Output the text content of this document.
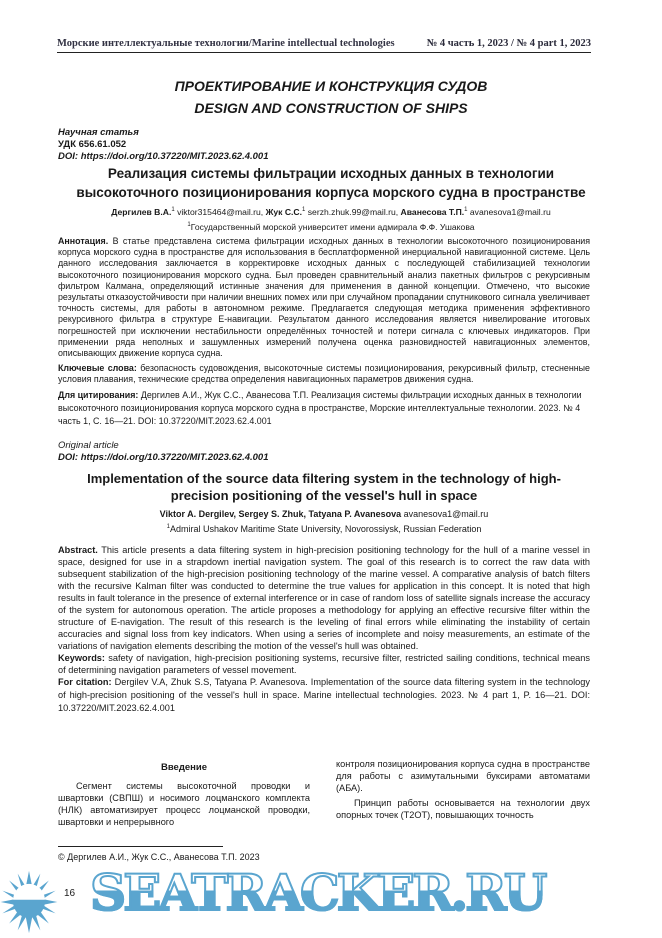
Морские интеллектуальные технологии/Marine intellectual technologies	№ 4 часть 1, 2023 / № 4 part 1, 2023
ПРОЕКТИРОВАНИЕ И КОНСТРУКЦИЯ СУДОВ
DESIGN AND CONSTRUCTION OF SHIPS
Научная статья
УДК 656.61.052
DOI: https://doi.org/10.37220/MIT.2023.62.4.001
Реализация системы фильтрации исходных данных в технологии
высокоточного позиционирования корпуса морского судна в пространстве
Дергилев В.А.$^1$ viktor315464@mail.ru, Жук С.С.$^1$ serzh.zhuk.99@mail.ru, Аванесова Т.П.$^1$ avanesova1@mail.ru
$^1$Государственный морской университет имени адмирала Ф.Ф. Ушакова
Аннотация. В статье представлена система фильтрации исходных данных в технологии высокоточного позиционирования корпуса морского судна в пространстве для использования в бесплатформенной инерциальной навигационной системе. Цель данного исследования заключается в корректировке исходных данных с последующей стабилизацией технологии высокоточного позиционирования морского судна. Был проведен сравнительный анализ пакетных фильтров с рекурсивным фильтром Калмана, определяющий истинные значения для применения в данной концепции. Отмечено, что высокие результаты отказоустойчивости при наличии внешних помех или при случайном пропадании спутникового сигнала увеличивает точность системы, для работы в автономном режиме. Предлагается следующая методика применения эффективного рекурсивного фильтра в структуре Е-навигации. Результатом данного исследования является нивелирование итоговых погрешностей при исключении нестабильности определённых точностей и потери сигнала с ключевых индикаторов. При применении ряда неполных и зашумленных измерений получена оценка разновидностей навигационных элементов, описывающих движение корпуса судна.
Ключевые слова: безопасность судовождения, высокоточные системы позиционирования, рекурсивный фильтр, стесненные условия плавания, технические средства определения навигационных параметров движения судна.
Для цитирования: Дергилев А.И., Жук С.С., Аванесова Т.П. Реализация системы фильтрации исходных данных в технологии высокоточного позиционирования корпуса морского судна в пространстве, Морские интеллектуальные технологии. 2023. № 4 часть 1, С. 16—21. DOI: 10.37220/MIT.2023.62.4.001
Original article
DOI: https://doi.org/10.37220/MIT.2023.62.4.001
Implementation of the source data filtering system in the technology of high-
precision positioning of the vessel's hull in space
Viktor A. Dergilev, Sergey S. Zhuk, Tatyana P. Avanesova avanesova1@mail.ru
$^1$Admiral Ushakov Maritime State University, Novorossiysk, Russian Federation
Abstract. This article presents a data filtering system in high-precision positioning technology for the hull of a marine vessel in space, designed for use in a strapdown inertial navigation system. The goal of this research is to correct the raw data with subsequent stabilization of the high-precision positioning technology of the marine vessel. A comparative analysis of batch filters with the recursive Kalman filter was conducted to determine the true values for application in this concept. It is noted that high results in fault tolerance in the presence of external interference or in case of random loss of satellite signals increase the accuracy of the system for autonomous operation. The article proposes a methodology for applying an effective recursive filter within the structure of E-navigation. The result of this research is the leveling of final errors while eliminating the instability of certain accuracies and signal loss from key indicators. When using a series of incomplete and noisy measurements, an estimate of the variations of navigation elements describing the motion of the vessel's hull was obtained.
Keywords: safety of navigation, high-precision positioning systems, recursive filter, restricted sailing conditions, technical means of determining navigation parameters of vessel movement.
For citation: Dergilev V.A, Zhuk S.S, Tatyana P. Avanesova. Implementation of the source data filtering system in the technology of high-precision positioning of the vessel's hull in space. Marine intellectual technologies. 2023. № 4 part 1, P. 16—21. DOI: 10.37220/MIT.2023.62.4.001
Введение
Сегмент системы высокоточной проводки и швартовки (СВПШ) и носимого лоцманского комплекта (НЛК) автоматизирует процесс лоцманской проводки, швартовки и непрерывного
контроля позиционирования корпуса судна в пространстве для работы с азимутальными буксирами автоматами (АБА).
Принцип работы основывается на технологии двух опорных точек (Т2ОТ), повышающих точность
© Дергилев А.И., Жук С.С., Аванесова Т.П. 2023
16 SEATRACKER.RU
